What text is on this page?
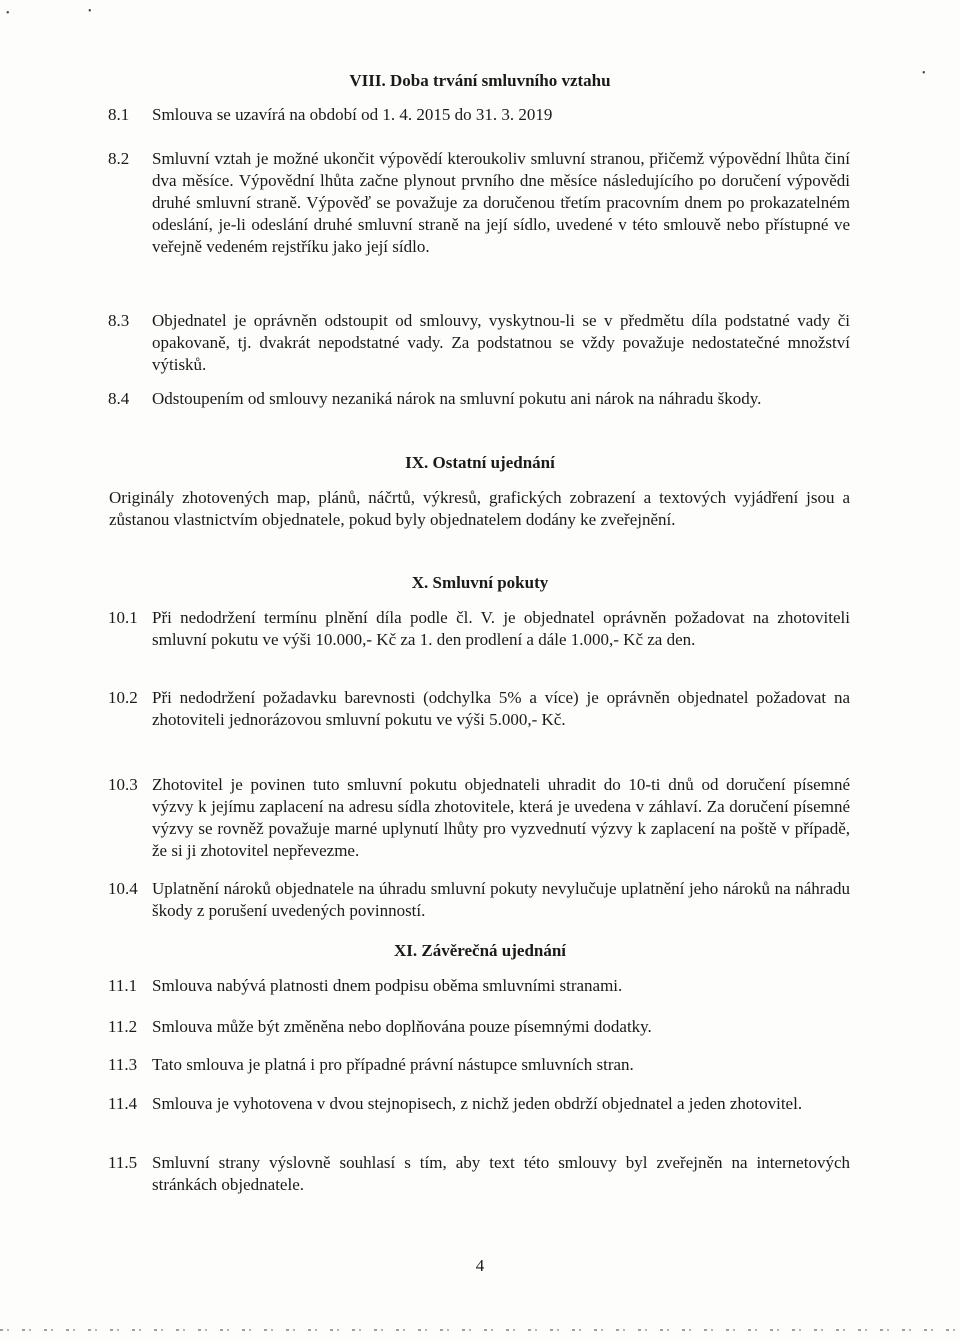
•	•
•
VIII. Doba trvání smluvního vztahu
8.1 Smlouva se uzavírá na období od 1. 4. 2015 do 31. 3. 2019
8.2 Smluvní vztah je možné ukončit výpovědí kteroukoliv smluvní stranou, přičemž výpovědní lhůta činí dva měsíce. Výpovědní lhůta začne plynout prvního dne měsíce následujícího po doručení výpovědi druhé smluvní straně. Výpověď se považuje za doručenou třetím pracovním dnem po prokazatelném odeslání, je-li odeslání druhé smluvní straně na její sídlo, uvedené v této smlouvě nebo přístupné ve veřejně vedeném rejstříku jako její sídlo.
8.3 Objednatel je oprávněn odstoupit od smlouvy, vyskytnou-li se v předmětu díla podstatné vady či opakovaně, tj. dvakrát nepodstatné vady. Za podstatnou se vždy považuje nedostatečné množství výtisků.
8.4 Odstoupením od smlouvy nezaniká nárok na smluvní pokutu ani nárok na náhradu škody.
IX. Ostatní ujednání
Originály zhotovených map, plánů, náčrtů, výkresů, grafických zobrazení a textových vyjádření jsou a zůstanou vlastnictvím objednatele, pokud byly objednatelem dodány ke zveřejnění.
X. Smluvní pokuty
10.1 Při nedodržení termínu plnění díla podle čl. V. je objednatel oprávněn požadovat na zhotoviteli smluvní pokutu ve výši 10.000,- Kč za 1. den prodlení a dále 1.000,- Kč za den.
10.2 Při nedodržení požadavku barevnosti (odchylka 5% a více) je oprávněn objednatel požadovat na zhotoviteli jednorázovou smluvní pokutu ve výši 5.000,- Kč.
10.3 Zhotovitel je povinen tuto smluvní pokutu objednateli uhradit do 10-ti dnů od doručení písemné výzvy k jejímu zaplacení na adresu sídla zhotovitele, která je uvedena v záhlaví. Za doručení písemné výzvy se rovněž považuje marné uplynutí lhůty pro vyzvednutí výzvy k zaplacení na poště v případě, že si ji zhotovitel nepřevezme.
10.4 Uplatnění nároků objednatele na úhradu smluvní pokuty nevylučuje uplatnění jeho nároků na náhradu škody z porušení uvedených povinností.
XI. Závěrečná ujednání
11.1 Smlouva nabývá platnosti dnem podpisu oběma smluvními stranami.
11.2 Smlouva může být změněna nebo doplňována pouze písemnými dodatky.
11.3 Tato smlouva je platná i pro případné právní nástupce smluvních stran.
11.4 Smlouva je vyhotovena v dvou stejnopisech, z nichž jeden obdrží objednatel a jeden zhotovitel.
11.5 Smluvní strany výslovně souhlasí s tím, aby text této smlouvy byl zveřejněn na internetových stránkách objednatele.
4
